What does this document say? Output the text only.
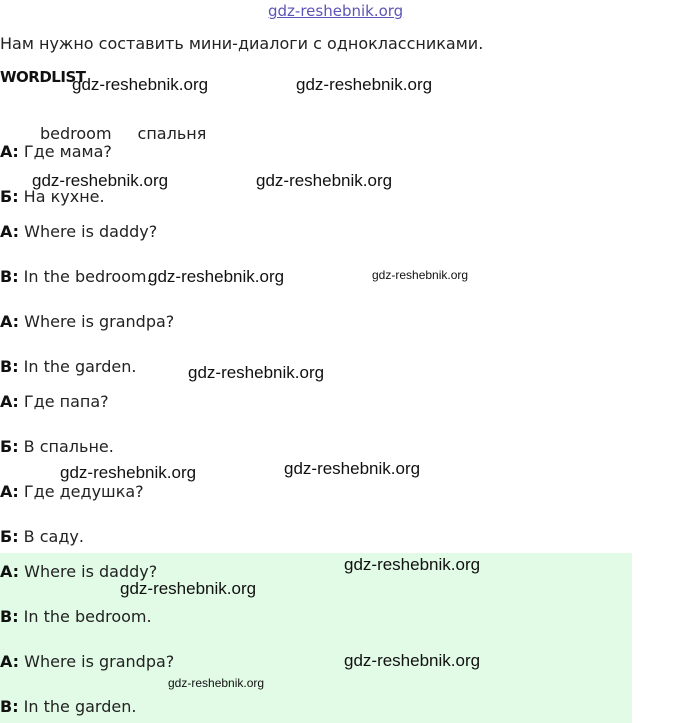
gdz-reshebnik.org
Нам нужно составить мини-диалоги с одноклассниками.
WORDLIST
bedroom спальня
А: Где мама?
Б: На кухне.
A: Where is daddy?
B: In the bedroom.
A: Where is grandpa?
B: In the garden.
А: Где папа?
Б: В спальне.
А: Где дедушка?
Б: В саду.
A: Where is daddy?
B: In the bedroom.
A: Where is grandpa?
B: In the garden.
gdz-reshebnik.org	gdz-reshebnik.org
gdz-reshebnik.org	gdz-reshebnik.org
gdz-reshebnik.org	gdz-reshebnik.org
gdz-reshebnik.org
gdz-reshebnik.org	gdz-reshebnik.org
gdz-reshebnik.org
gdz-reshebnik.org
gdz-reshebnik.org
gdz-reshebnik.org
